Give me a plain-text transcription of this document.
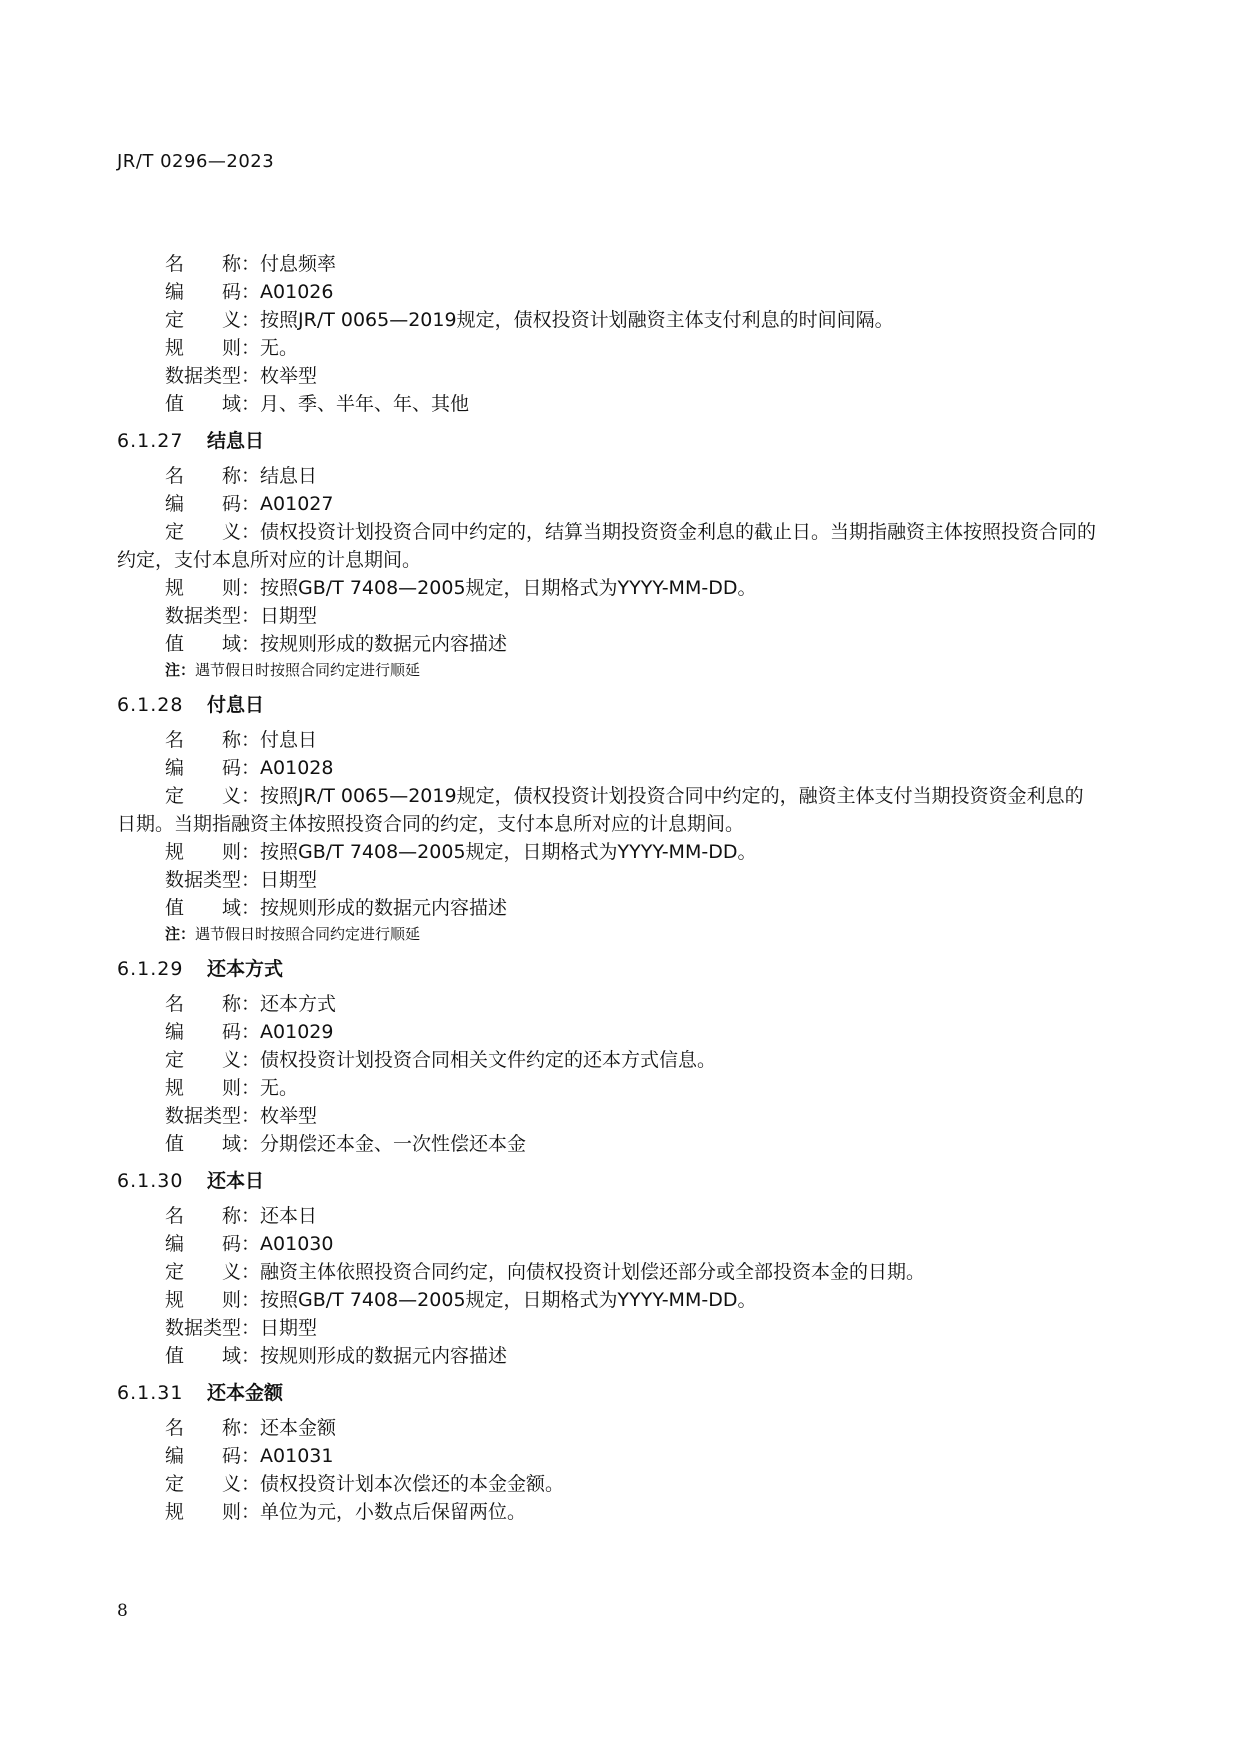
JR/T 0296—2023
名　　称：付息频率
编　　码：A01026
定　　义：按照JR/T 0065—2019规定，债权投资计划融资主体支付利息的时间间隔。
规　　则：无。
数据类型：枚举型
值　　域：月、季、半年、年、其他
6.1.27 结息日
名　　称：结息日
编　　码：A01027
定　　义：债权投资计划投资合同中约定的，结算当期投资资金利息的截止日。当期指融资主体按照投资合同的约定，支付本息所对应的计息期间。
规　　则：按照GB/T 7408—2005规定，日期格式为YYYY-MM-DD。
数据类型：日期型
值　　域：按规则形成的数据元内容描述
注：遇节假日时按照合同约定进行顺延
6.1.28 付息日
名　　称：付息日
编　　码：A01028
定　　义：按照JR/T 0065—2019规定，债权投资计划投资合同中约定的，融资主体支付当期投资资金利息的日期。当期指融资主体按照投资合同的约定，支付本息所对应的计息期间。
规　　则：按照GB/T 7408—2005规定，日期格式为YYYY-MM-DD。
数据类型：日期型
值　　域：按规则形成的数据元内容描述
注：遇节假日时按照合同约定进行顺延
6.1.29 还本方式
名　　称：还本方式
编　　码：A01029
定　　义：债权投资计划投资合同相关文件约定的还本方式信息。
规　　则：无。
数据类型：枚举型
值　　域：分期偿还本金、一次性偿还本金
6.1.30 还本日
名　　称：还本日
编　　码：A01030
定　　义：融资主体依照投资合同约定，向债权投资计划偿还部分或全部投资本金的日期。
规　　则：按照GB/T 7408—2005规定，日期格式为YYYY-MM-DD。
数据类型：日期型
值　　域：按规则形成的数据元内容描述
6.1.31 还本金额
名　　称：还本金额
编　　码：A01031
定　　义：债权投资计划本次偿还的本金金额。
规　　则：单位为元，小数点后保留两位。
8
